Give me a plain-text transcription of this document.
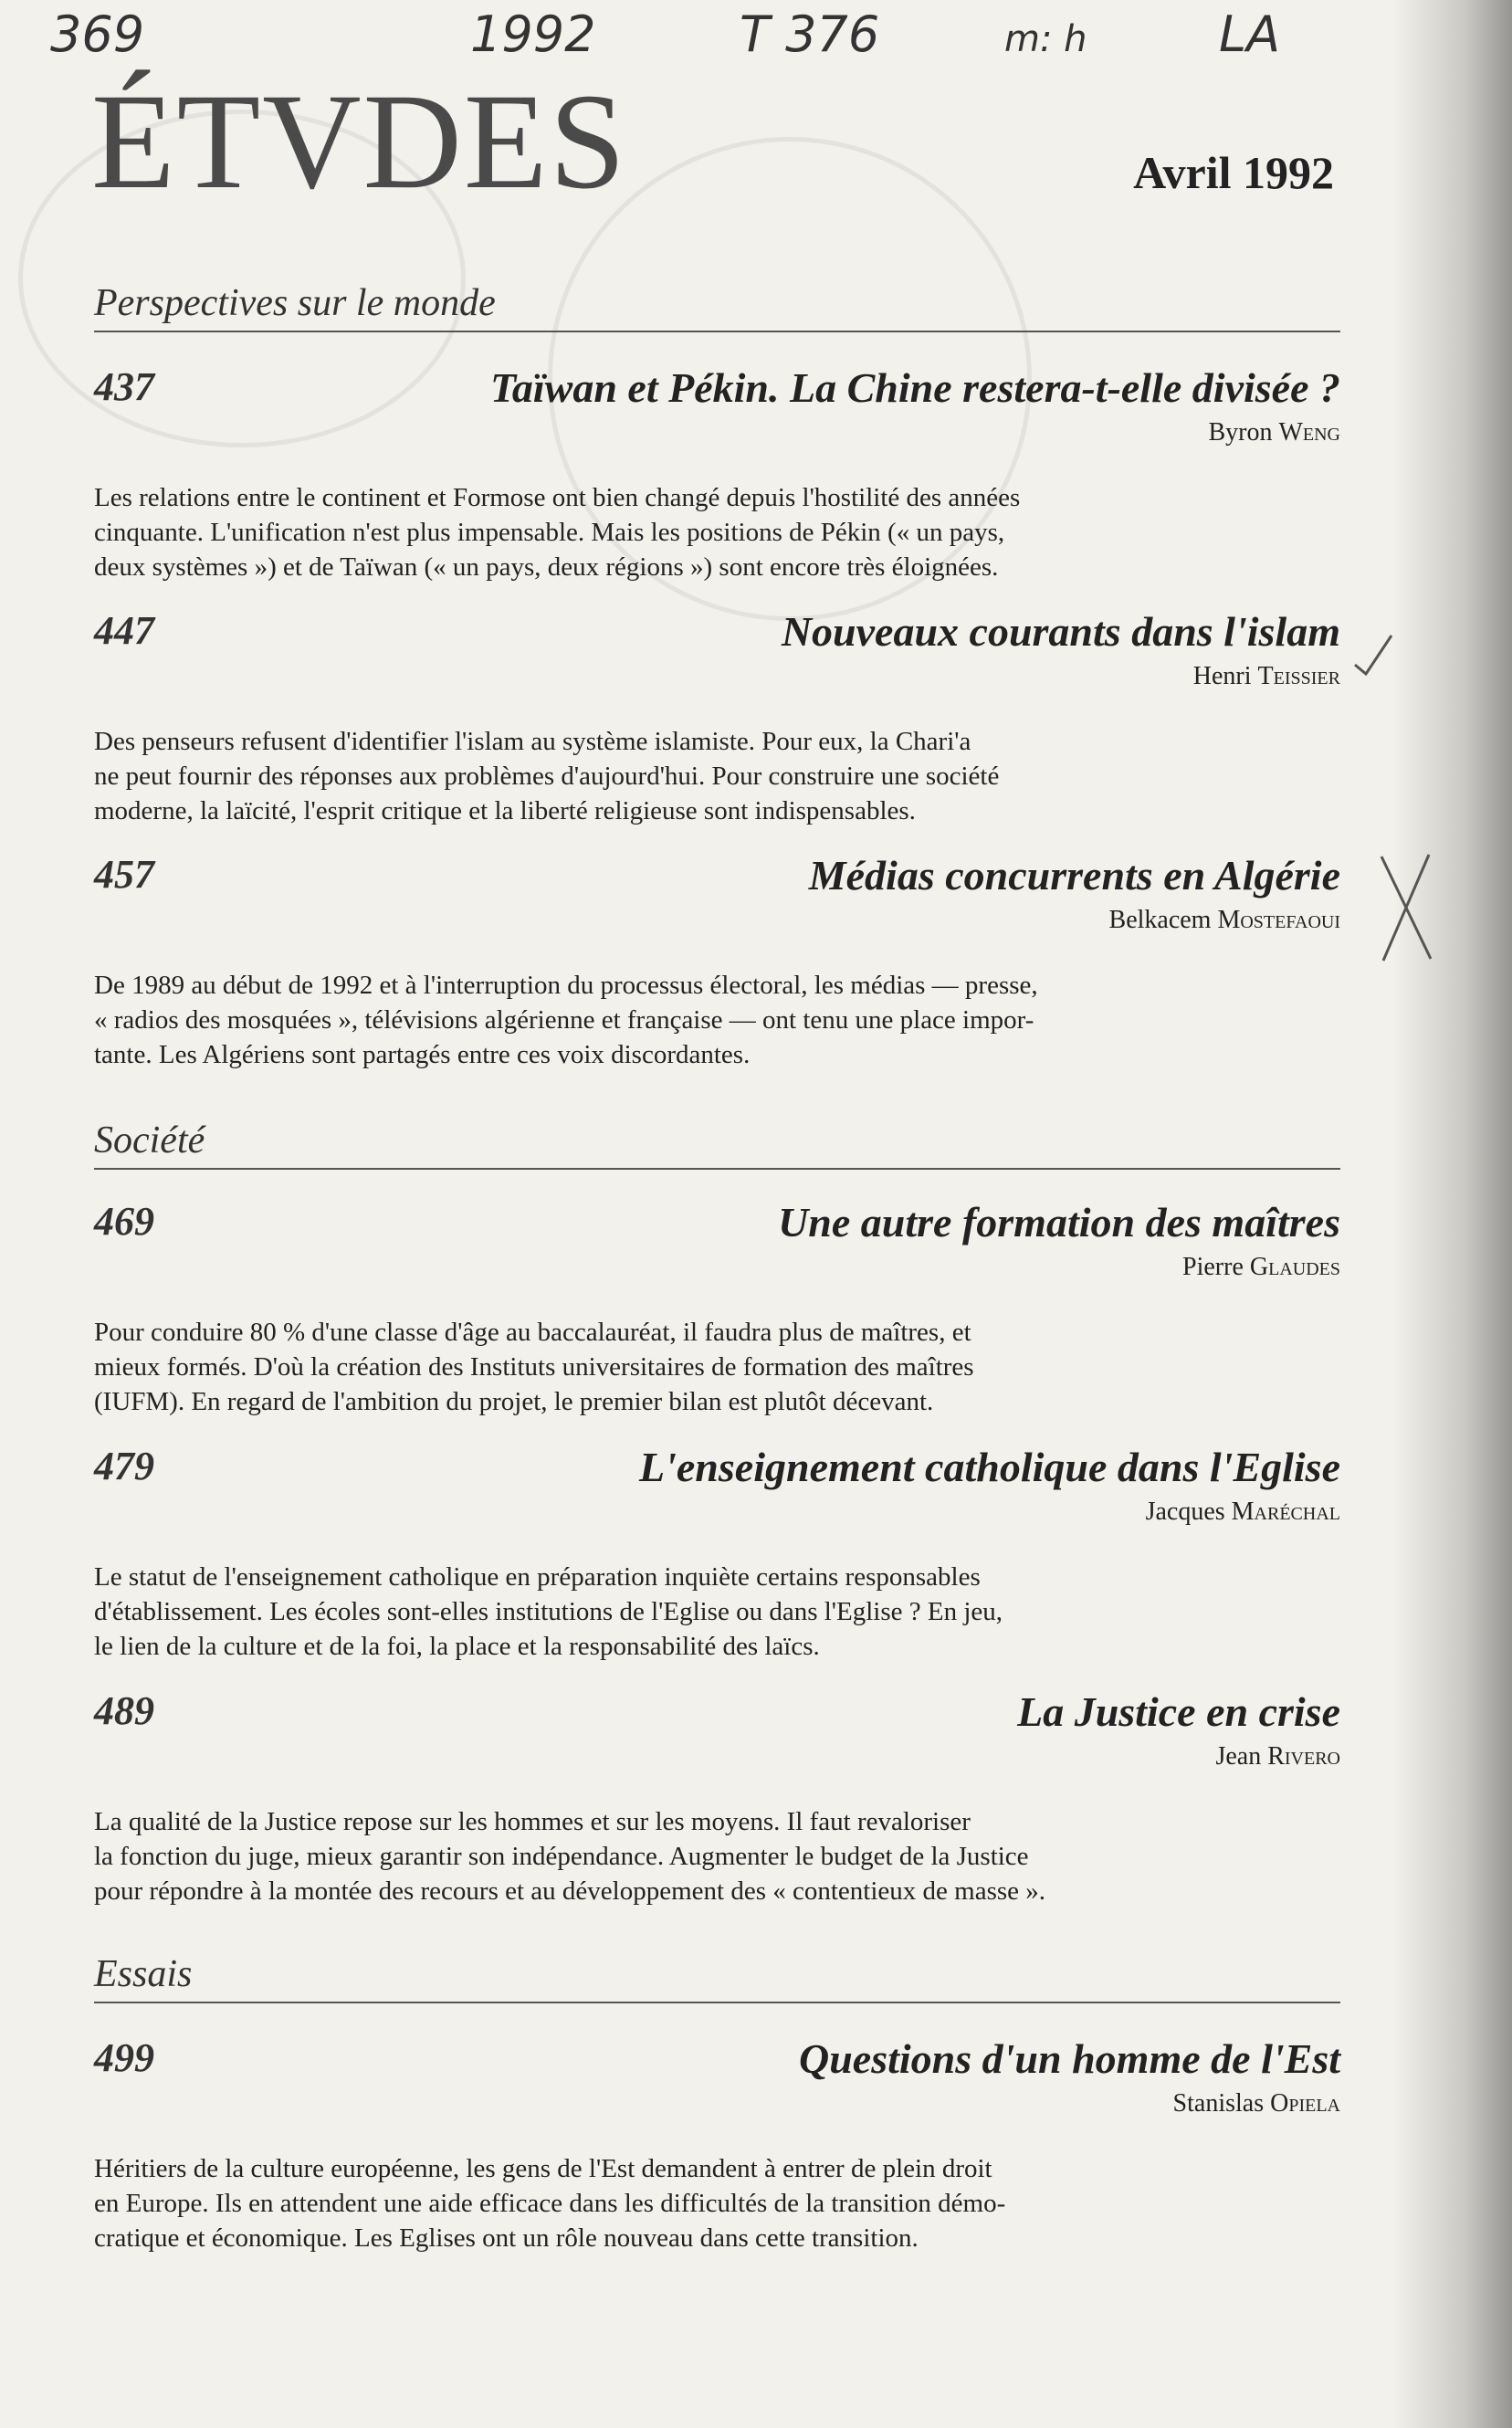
369	1992	T 376	m: h	LA
ÉTVDES	Avril 1992
Perspectives sur le monde
437	Taïwan et Pékin. La Chine restera-t-elle divisée ?
Byron Weng

Les relations entre le continent et Formose ont bien changé depuis l'hostilité des années

cinquante. L'unification n'est plus impensable. Mais les positions de Pékin (« un pays,

deux systèmes ») et de Taïwan (« un pays, deux régions ») sont encore très éloignées.

447	Nouveaux courants dans l'islam
Henri Teissier

Des penseurs refusent d'identifier l'islam au système islamiste. Pour eux, la Chari'a

ne peut fournir des réponses aux problèmes d'aujourd'hui. Pour construire une société

moderne, la laïcité, l'esprit critique et la liberté religieuse sont indispensables.

457	Médias concurrents en Algérie
Belkacem Mostefaoui

De 1989 au début de 1992 et à l'interruption du processus électoral, les médias — presse,

« radios des mosquées », télévisions algérienne et française — ont tenu une place impor-

tante. Les Algériens sont partagés entre ces voix discordantes.

Société
469	Une autre formation des maîtres
Pierre Glaudes

Pour conduire 80 % d'une classe d'âge au baccalauréat, il faudra plus de maîtres, et

mieux formés. D'où la création des Instituts universitaires de formation des maîtres

(IUFM). En regard de l'ambition du projet, le premier bilan est plutôt décevant.

479	L'enseignement catholique dans l'Eglise
Jacques Maréchal

Le statut de l'enseignement catholique en préparation inquiète certains responsables

d'établissement. Les écoles sont-elles institutions de l'Eglise ou dans l'Eglise ? En jeu,

le lien de la culture et de la foi, la place et la responsabilité des laïcs.

489	La Justice en crise
Jean Rivero

La qualité de la Justice repose sur les hommes et sur les moyens. Il faut revaloriser

la fonction du juge, mieux garantir son indépendance. Augmenter le budget de la Justice

pour répondre à la montée des recours et au développement des « contentieux de masse ».

Essais
499	Questions d'un homme de l'Est
Stanislas Opiela

Héritiers de la culture européenne, les gens de l'Est demandent à entrer de plein droit

en Europe. Ils en attendent une aide efficace dans les difficultés de la transition démo-

cratique et économique. Les Eglises ont un rôle nouveau dans cette transition.
